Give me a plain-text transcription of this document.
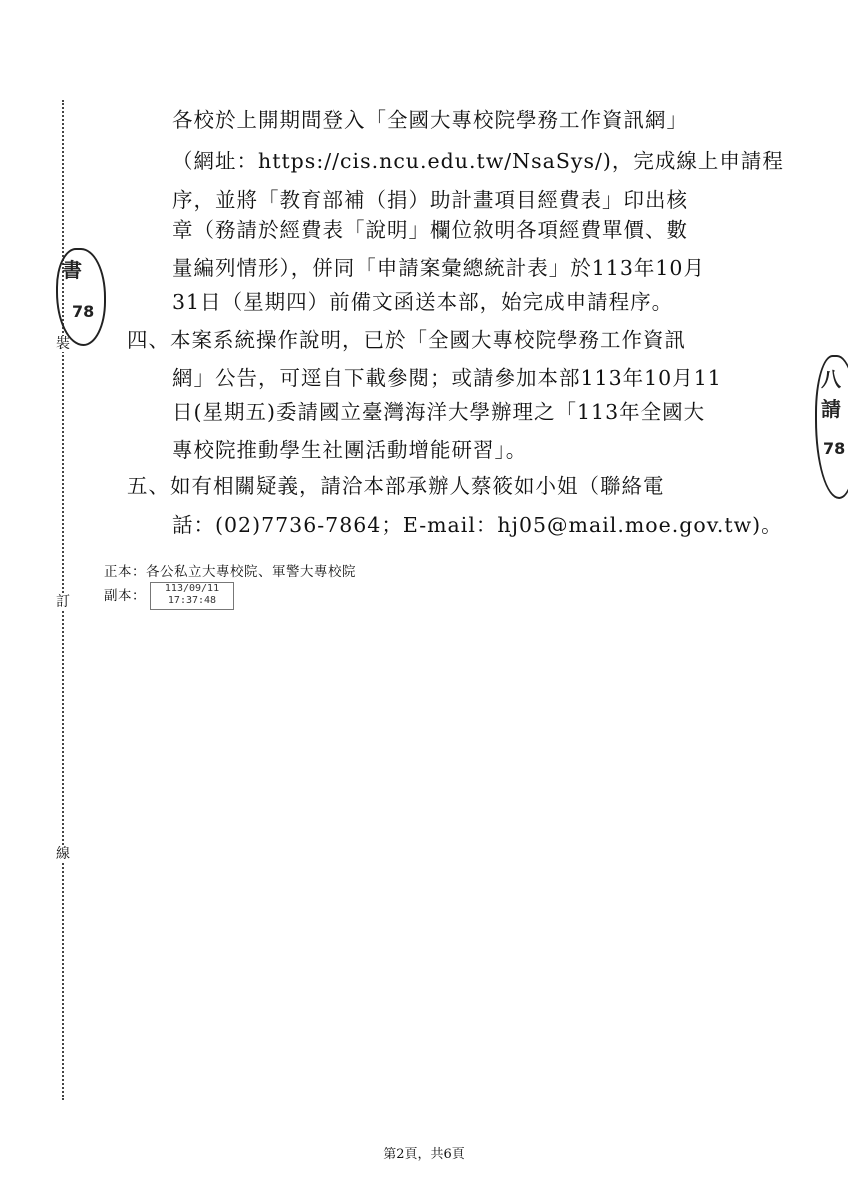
裝
訂
線
書
78
八
請
78
各校於上開期間登入「全國大專校院學務工作資訊網」
（網址：https://cis.ncu.edu.tw/NsaSys/)，完成線上申請程
序，並將「教育部補（捐）助計畫項目經費表」印出核
章（務請於經費表「說明」欄位敘明各項經費單價、數
量編列情形），併同「申請案彙總統計表」於113年10月
31日（星期四）前備文函送本部，始完成申請程序。
四、本案系統操作說明，已於「全國大專校院學務工作資訊
網」公告，可逕自下載參閱；或請參加本部113年10月11
日(星期五)委請國立臺灣海洋大學辦理之「113年全國大
專校院推動學生社團活動增能研習」。
五、如有相關疑義，請洽本部承辦人蔡筱如小姐（聯絡電
話：(02)7736-7864；E-mail：hj05@mail.moe.gov.tw)。
正本：各公私立大專校院、軍警大專校院
副本：	113/09/11
17:37:48
第2頁，共6頁
